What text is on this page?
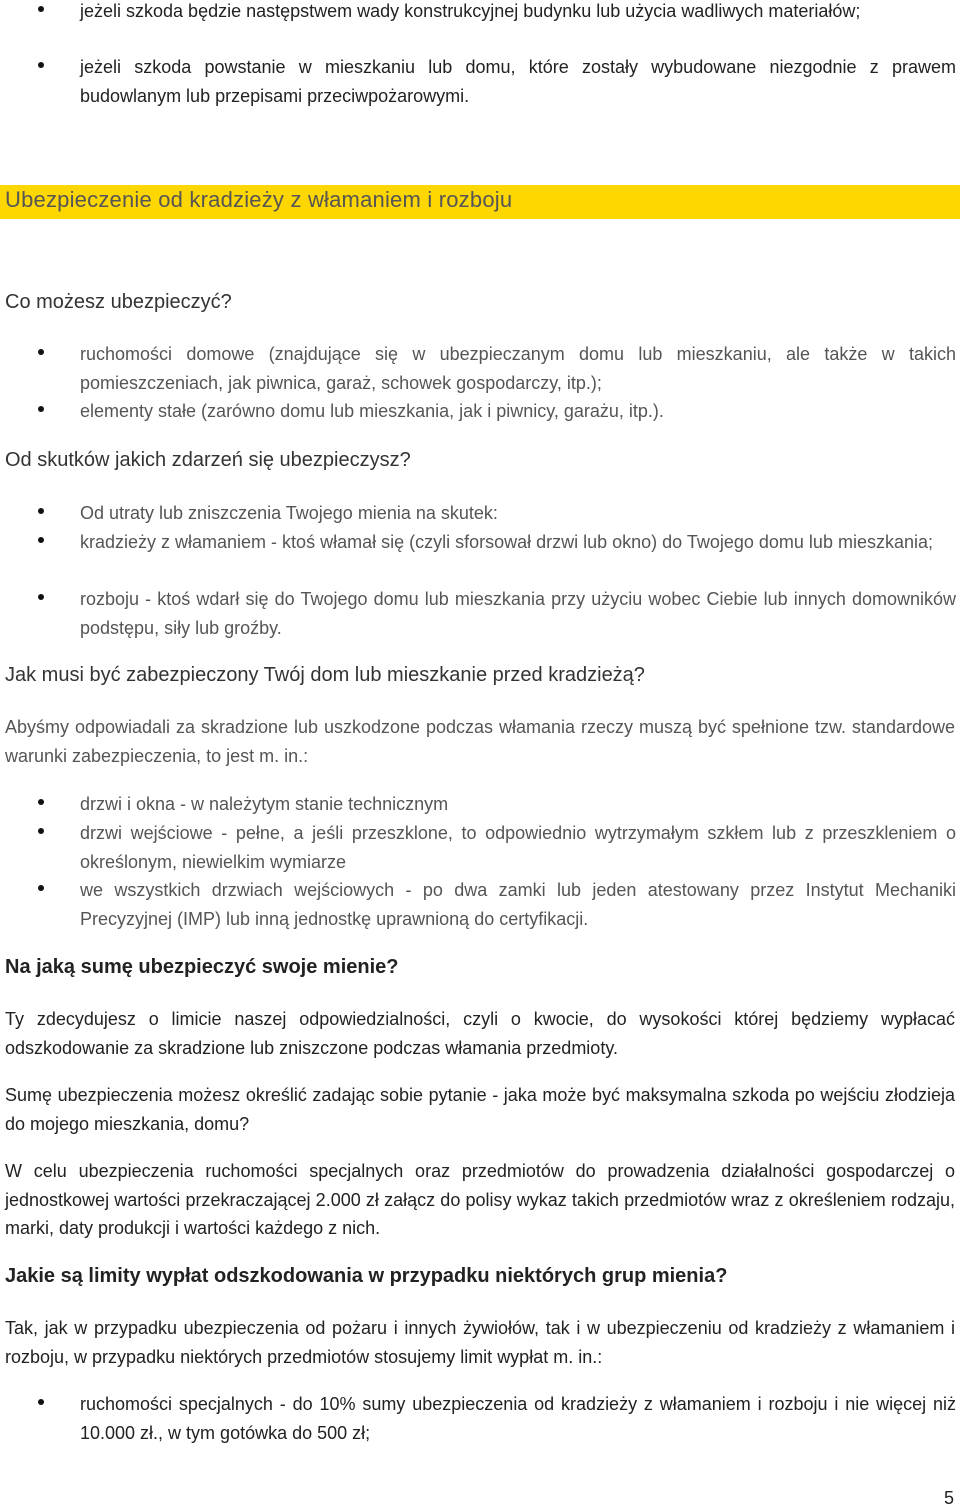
jeżeli szkoda będzie następstwem wady konstrukcyjnej budynku lub użycia wadliwych materiałów;
jeżeli szkoda powstanie w mieszkaniu lub domu, które zostały wybudowane niezgodnie z prawem budowlanym lub przepisami przeciwpożarowymi.
Ubezpieczenie od kradzieży z włamaniem i rozboju
Co możesz ubezpieczyć?
ruchomości domowe (znajdujące się w ubezpieczanym domu lub mieszkaniu, ale także w takich pomieszczeniach, jak piwnica, garaż, schowek gospodarczy, itp.);
elementy stałe (zarówno domu lub mieszkania, jak i piwnicy, garażu, itp.).
Od skutków jakich zdarzeń się ubezpieczysz?
Od utraty lub zniszczenia Twojego mienia na skutek:
kradzieży z włamaniem - ktoś włamał się (czyli sforsował drzwi lub okno) do Twojego domu lub mieszkania;
rozboju - ktoś wdarł się do Twojego domu lub mieszkania przy użyciu wobec Ciebie lub innych domowników podstępu, siły lub groźby.
Jak musi być zabezpieczony Twój dom lub mieszkanie przed kradzieżą?
Abyśmy odpowiadali za skradzione lub uszkodzone podczas włamania rzeczy muszą być spełnione tzw. standardowe warunki zabezpieczenia, to jest m. in.:
drzwi i okna - w należytym stanie technicznym
drzwi wejściowe - pełne, a jeśli przeszklone, to odpowiednio wytrzymałym szkłem lub z przeszkleniem o określonym, niewielkim wymiarze
we wszystkich drzwiach wejściowych - po dwa zamki lub jeden atestowany przez Instytut Mechaniki Precyzyjnej (IMP) lub inną jednostkę uprawnioną do certyfikacji.
Na jaką sumę ubezpieczyć swoje mienie?
Ty zdecydujesz o limicie naszej odpowiedzialności, czyli o kwocie, do wysokości której będziemy wypłacać odszkodowanie za skradzione lub zniszczone podczas włamania przedmioty.
Sumę ubezpieczenia możesz określić zadając sobie pytanie - jaka może być maksymalna szkoda po wejściu złodzieja do mojego mieszkania, domu?
W celu ubezpieczenia ruchomości specjalnych oraz przedmiotów do prowadzenia działalności gospodarczej o jednostkowej wartości przekraczającej 2.000 zł załącz do polisy wykaz takich przedmiotów wraz z określeniem rodzaju, marki, daty produkcji i wartości każdego z nich.
Jakie są limity wypłat odszkodowania w przypadku niektórych grup mienia?
Tak, jak w przypadku ubezpieczenia od pożaru i innych żywiołów, tak i w ubezpieczeniu od kradzieży z włamaniem i rozboju, w przypadku niektórych przedmiotów stosujemy limit wypłat m. in.:
ruchomości specjalnych - do 10% sumy ubezpieczenia od kradzieży z włamaniem i rozboju i nie więcej niż 10.000 zł., w tym gotówka do 500 zł;
5
